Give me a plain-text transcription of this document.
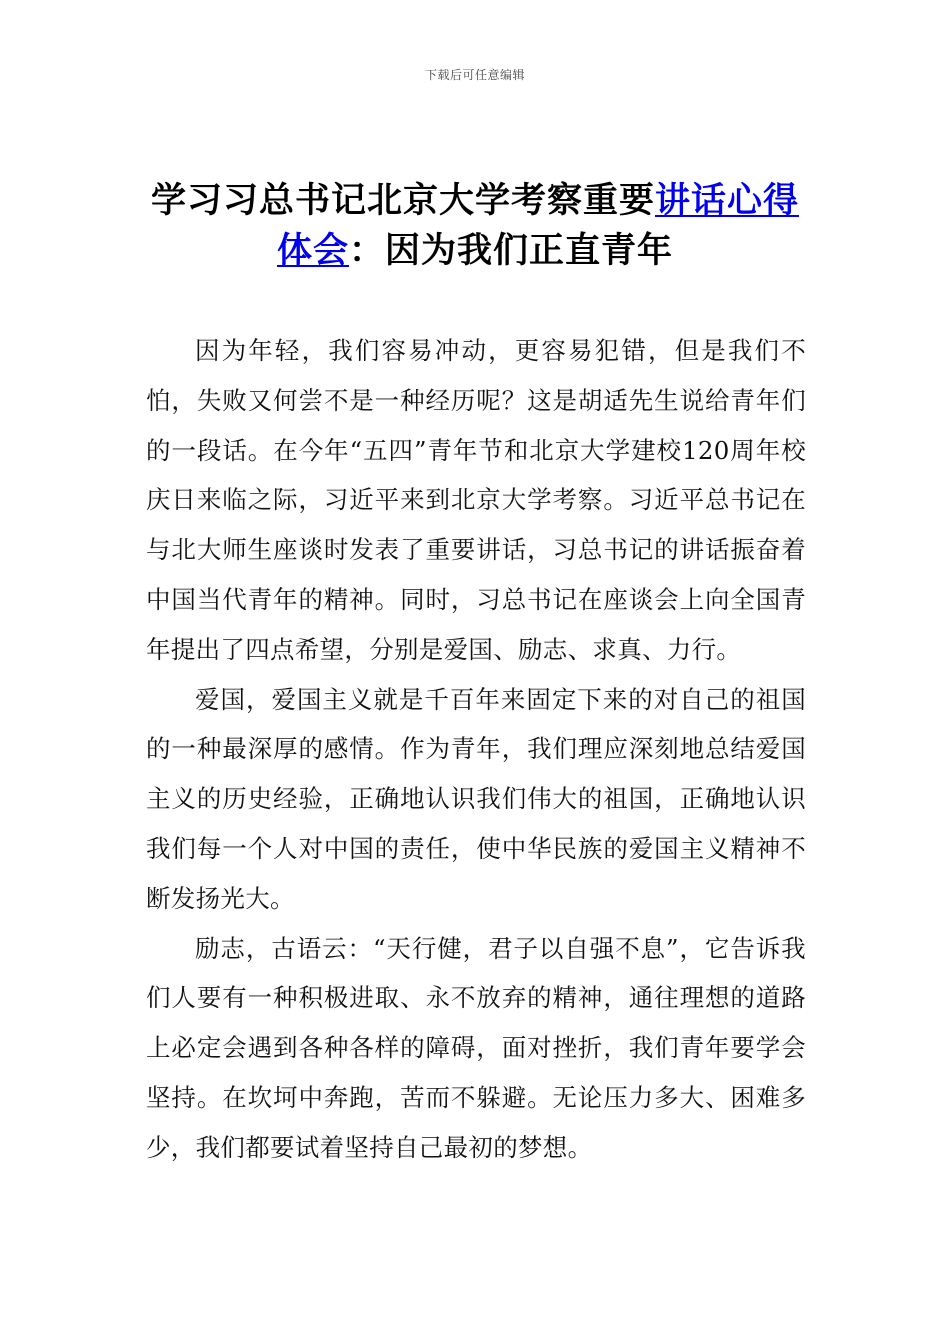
下载后可任意编辑
学习习总书记北京大学考察重要讲话心得体会：因为我们正直青年

因为年轻，我们容易冲动，更容易犯错，但是我们不怕，失败又何尝不是一种经历呢？这是胡适先生说给青年们的一段话。在今年“五四”青年节和北京大学建校120周年校庆日来临之际，习近平来到北京大学考察。习近平总书记在与北大师生座谈时发表了重要讲话，习总书记的讲话振奋着中国当代青年的精神。同时，习总书记在座谈会上向全国青年提出了四点希望，分别是爱国、励志、求真、力行。

爱国，爱国主义就是千百年来固定下来的对自己的祖国的一种最深厚的感情。作为青年，我们理应深刻地总结爱国主义的历史经验，正确地认识我们伟大的祖国，正确地认识我们每一个人对中国的责任，使中华民族的爱国主义精神不断发扬光大。

励志，古语云：“天行健，君子以自强不息”，它告诉我们人要有一种积极进取、永不放弃的精神，通往理想的道路上必定会遇到各种各样的障碍，面对挫折，我们青年要学会坚持。在坎坷中奔跑，苦而不躲避。无论压力多大、困难多少，我们都要试着坚持自己最初的梦想。
